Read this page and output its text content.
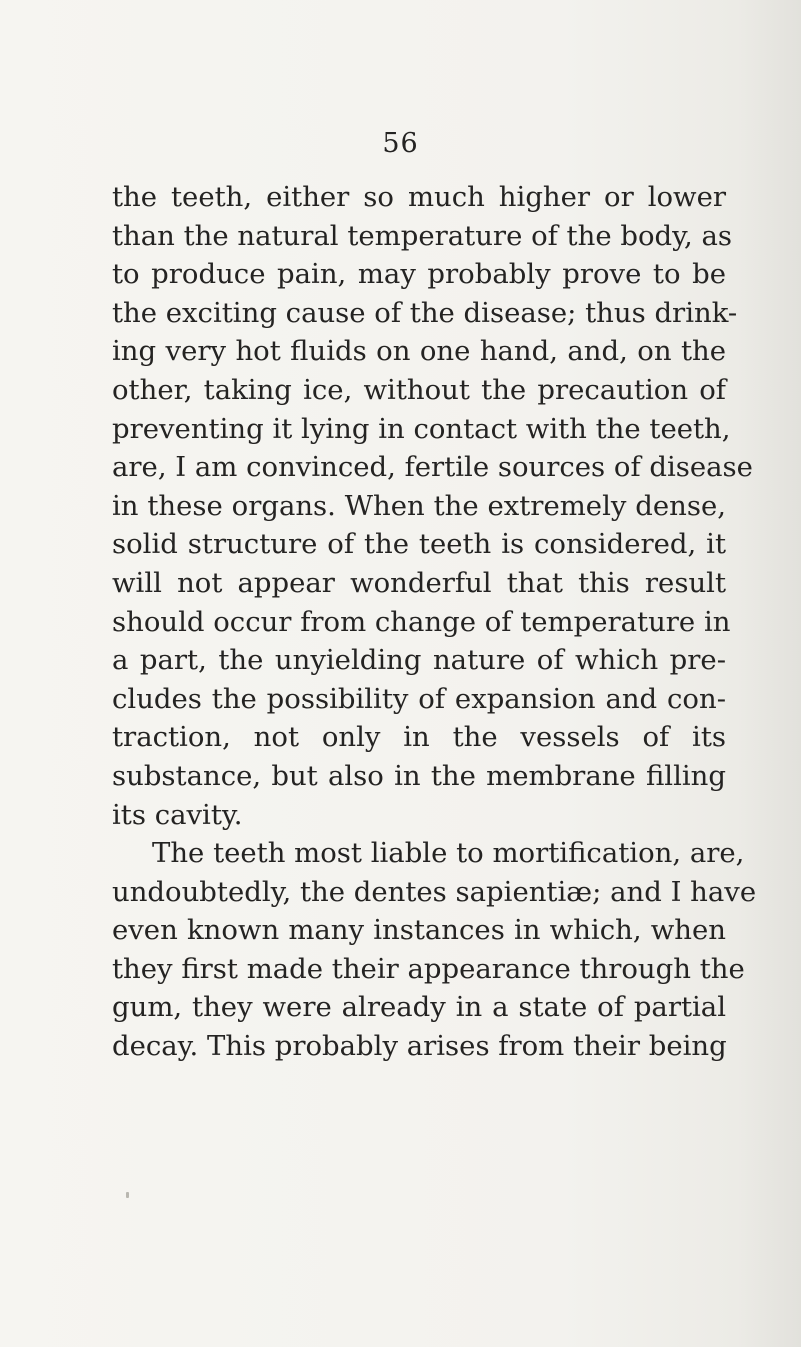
56
the teeth, either so much higher or lower
than the natural temperature of the body, as
to produce pain, may probably prove to be
the exciting cause of the disease; thus drink-
ing very hot fluids on one hand, and, on the
other, taking ice, without the precaution of
preventing it lying in contact with the teeth,
are, I am convinced, fertile sources of disease
in these organs. When the extremely dense,
solid structure of the teeth is considered, it
will not appear wonderful that this result
should occur from change of temperature in
a part, the unyielding nature of which pre-
cludes the possibility of expansion and con-
traction, not only in the vessels of its
substance, but also in the membrane filling
its cavity.
The teeth most liable to mortification, are,
undoubtedly, the dentes sapientiæ; and I have
even known many instances in which, when
they first made their appearance through the
gum, they were already in a state of partial
decay. This probably arises from their being
